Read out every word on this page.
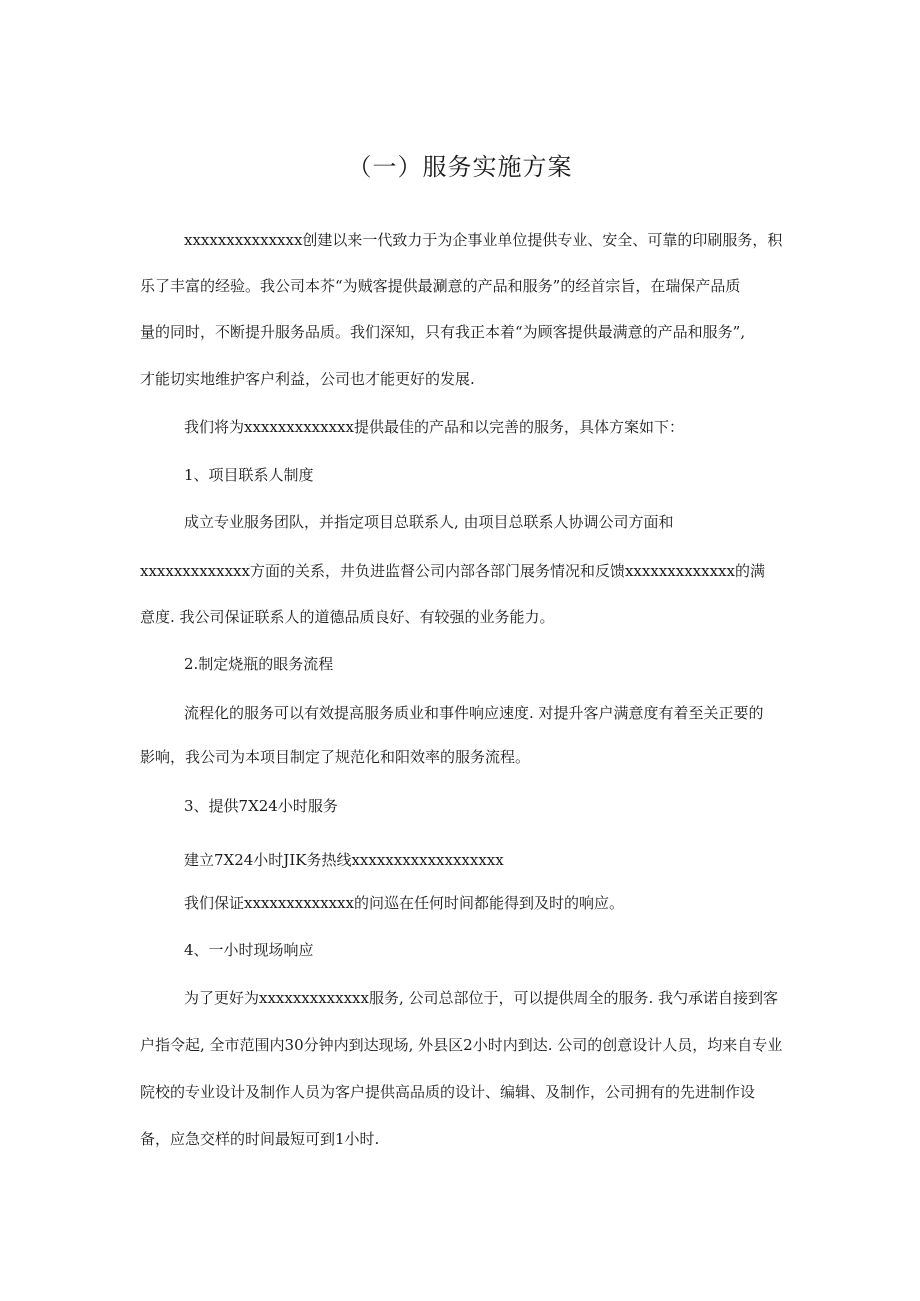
（一）服务实施方案
xxxxxxxxxxxxxx创建以来一代致力于为企事业单位提供专业、安全、可靠的印刷服务，积
乐了丰富的经验。我公司本芥“为贼客提供最涮意的产品和服务”的经首宗旨，在瑞保产品质
量的同时，不断提升服务品质。我们深知，只有我正本着“为顾客提供最满意的产品和服务”,
才能切实地维护客户利益，公司也才能更好的发展.
我们将为xxxxxxxxxxxxx提供最佳的产品和以完善的服务，具体方案如下：
1、项目联系人制度
成立专业服务团队，并指定项目总联系人, 由项目总联系人协调公司方面和
xxxxxxxxxxxxx方面的关系，井负进监督公司内部各部门展务情况和反馈xxxxxxxxxxxxx的满
意度. 我公司保证联系人的道德品质良好、有较强的业务能力。
2.制定烧瓶的眼务流程
流程化的服务可以有效提高服务质业和事件响应速度. 对提升客户满意度有着至关正要的
影响，我公司为本项目制定了规范化和阳效率的服务流程。
3、提供7X24小时服务
建立7X24小时JIK务热线xxxxxxxxxxxxxxxxxx
我们保证xxxxxxxxxxxxx的问巡在任何时间都能得到及时的响应。
4、一小时现场响应
为了更好为xxxxxxxxxxxxx服务, 公司总部位于，可以提供周全的服务. 我勺承诺自接到客
户指令起, 全市范围内30分钟内到达现场, 外县区2小时内到达. 公司的创意设计人员，均来自专业
院校的专业设计及制作人员为客户提供高品质的设计、编辑、及制作，公司拥有的先进制作设
备，应急交样的时间最短可到1小时.
